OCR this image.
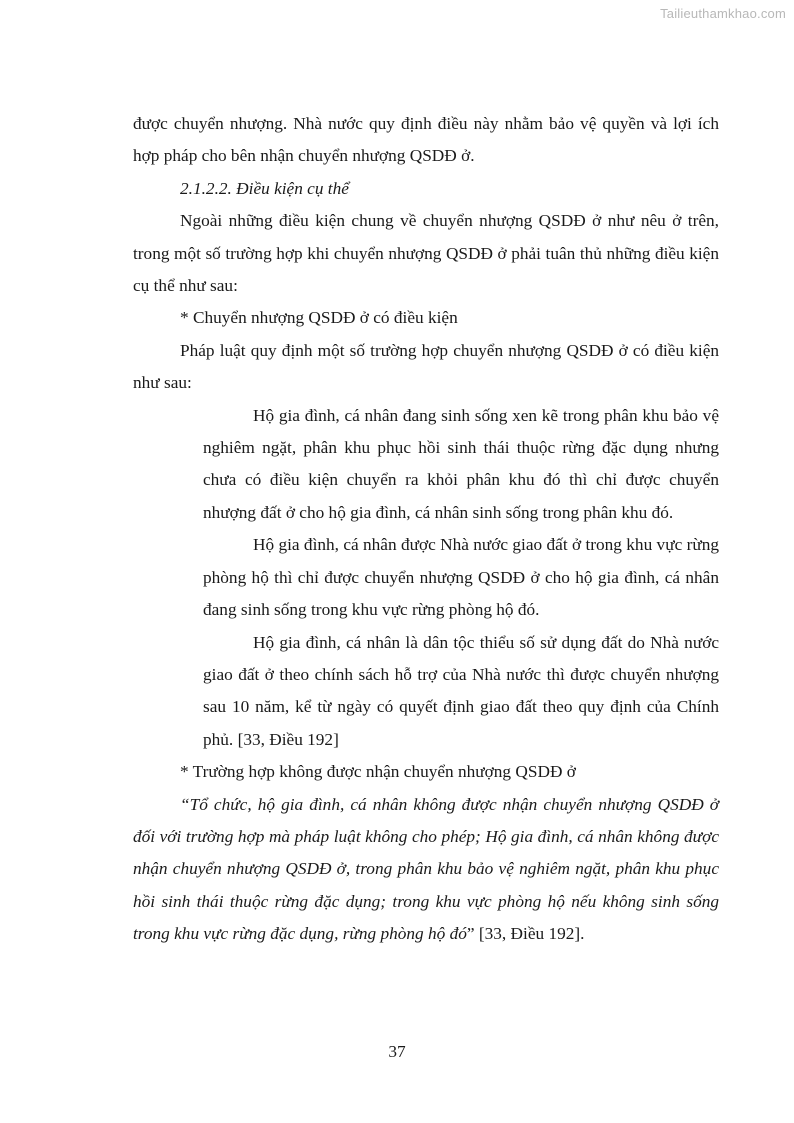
Tailieuthamkhao.com

được chuyển nhượng. Nhà nước quy định điều này nhằm bảo vệ quyền và lợi ích hợp pháp cho bên nhận chuyển nhượng QSDĐ ở.

2.1.2.2. Điều kiện cụ thể

Ngoài những điều kiện chung về chuyển nhượng QSDĐ ở như nêu ở trên, trong một số trường hợp khi chuyển nhượng QSDĐ ở phải tuân thủ những điều kiện cụ thể như sau:

* Chuyển nhượng QSDĐ ở có điều kiện

Pháp luật quy định một số trường hợp chuyển nhượng QSDĐ ở có điều kiện như sau:

Hộ gia đình, cá nhân đang sinh sống xen kẽ trong phân khu bảo vệ nghiêm ngặt, phân khu phục hồi sinh thái thuộc rừng đặc dụng nhưng chưa có điều kiện chuyển ra khỏi phân khu đó thì chỉ được chuyển nhượng đất ở cho hộ gia đình, cá nhân sinh sống trong phân khu đó.

Hộ gia đình, cá nhân được Nhà nước giao đất ở trong khu vực rừng phòng hộ thì chỉ được chuyển nhượng QSDĐ ở cho hộ gia đình, cá nhân đang sinh sống trong khu vực rừng phòng hộ đó.

Hộ gia đình, cá nhân là dân tộc thiểu số sử dụng đất do Nhà nước giao đất ở theo chính sách hỗ trợ của Nhà nước thì được chuyển nhượng sau 10 năm, kể từ ngày có quyết định giao đất theo quy định của Chính phủ. [33, Điều 192]

* Trường hợp không được nhận chuyển nhượng QSDĐ ở

“Tổ chức, hộ gia đình, cá nhân không được nhận chuyển nhượng QSDĐ ở đối với trường hợp mà pháp luật không cho phép; Hộ gia đình, cá nhân không được nhận chuyển nhượng QSDĐ ở, trong phân khu bảo vệ nghiêm ngặt, phân khu phục hồi sinh thái thuộc rừng đặc dụng; trong khu vực phòng hộ nếu không sinh sống trong khu vực rừng đặc dụng, rừng phòng hộ đó” [33, Điều 192].

37
